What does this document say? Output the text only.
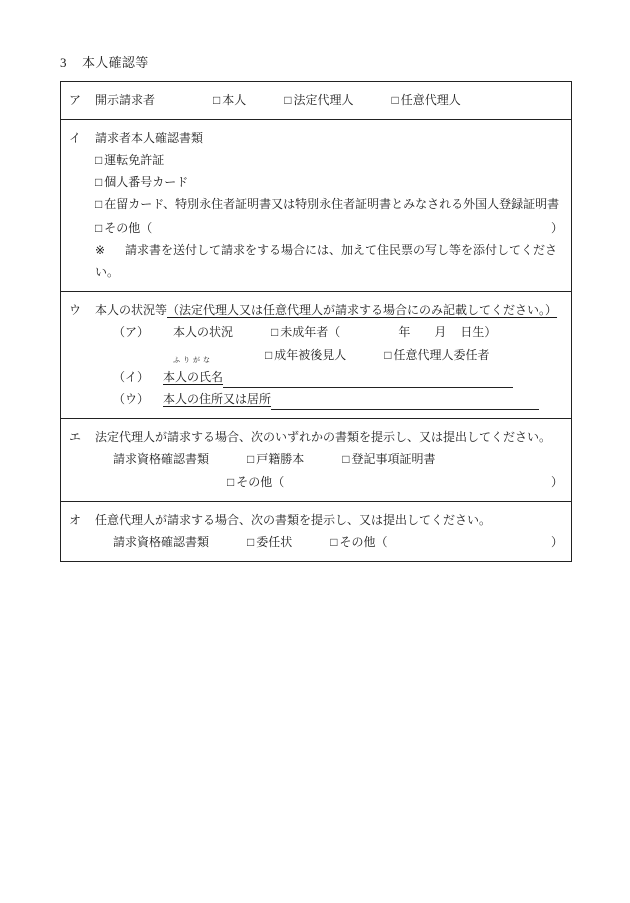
3 本人確認等
ア 開示請求者	□ 本人	□ 法定代理人	□ 任意代理人

イ 請求者本人確認書類
□ 運転免許証
□ 個人番号カード
□ 在留カード、特別永住者証明書又は特別永住者証明書とみなされる外国人登録証明書
□ その他（	）
※ 請求書を送付して請求をする場合には、加えて住民票の写し等を添付してください。

ウ 本人の状況等（法定代理人又は任意代理人が請求する場合にのみ記載してください。）
（ア） 本人の状況	□ 未成年者（	年 月 日生）
□ 成年被後見人	□ 任意代理人委任者
（イ）
ふりがな
本人の氏名
（ウ） 本人の住所又は居所

エ 法定代理人が請求する場合、次のいずれかの書類を提示し、又は提出してください。
請求資格確認書類	□ 戸籍勝本	□ 登記事項証明書
□ その他（	）

オ 任意代理人が請求する場合、次の書類を提示し、又は提出してください。
請求資格確認書類	□ 委任状	□ その他（	）
